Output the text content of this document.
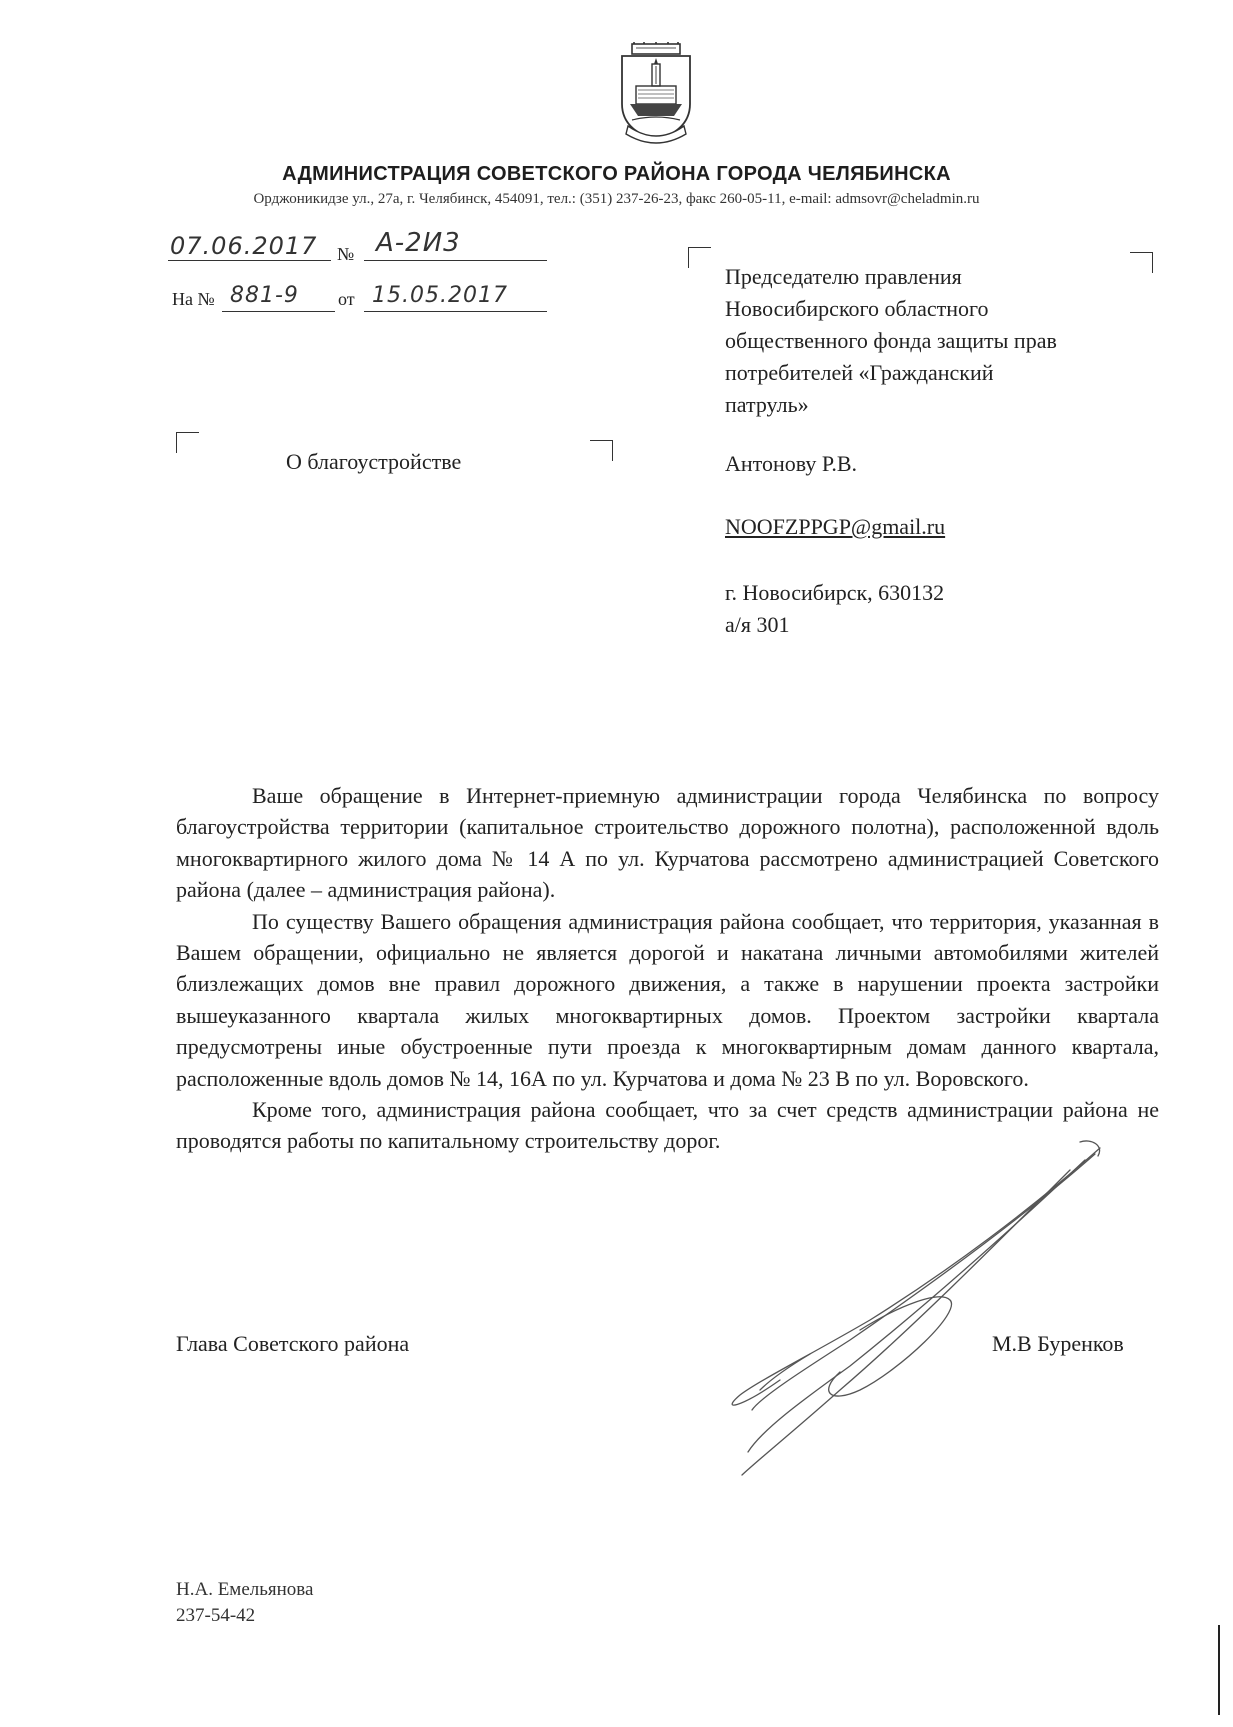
АДМИНИСТРАЦИЯ СОВЕТСКОГО РАЙОНА ГОРОДА ЧЕЛЯБИНСКА
Орджоникидзе ул., 27а, г. Челябинск, 454091, тел.: (351) 237-26-23, факс 260-05-11, e-mail: admsovr@cheladmin.ru
07.06.2017 № А-2И3
На № 881-9 от 15.05.2017
О благоустройстве
Председателю правления
Новосибирского областного
общественного фонда защиты прав
потребителей «Гражданский
патруль»
Антонову Р.В.
NOOFZPPGP@gmail.ru
г. Новосибирск, 630132
а/я 301

Ваше обращение в Интернет-приемную администрации города Челябинска по вопросу благоустройства территории (капитальное строительство дорожного полотна), расположенной вдоль многоквартирного жилого дома № 14 А по ул. Курчатова рассмотрено администрацией Советского района (далее – администрация района).

По существу Вашего обращения администрация района сообщает, что территория, указанная в Вашем обращении, официально не является дорогой и накатана личными автомобилями жителей близлежащих домов вне правил дорожного движения, а также в нарушении проекта застройки вышеуказанного квартала жилых многоквартирных домов. Проектом застройки квартала предусмотрены иные обустроенные пути проезда к многоквартирным домам данного квартала, расположенные вдоль домов № 14, 16А по ул. Курчатова и дома № 23 В по ул. Воровского.

Кроме того, администрация района сообщает, что за счет средств администрации района не проводятся работы по капитальному строительству дорог.

Глава Советского района	М.В Буренков
Н.А. Емельянова
237-54-42
